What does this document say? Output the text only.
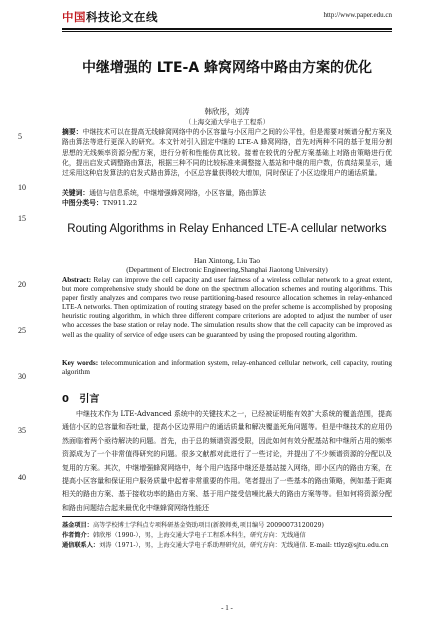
中国科技论文在线	http://www.paper.edu.cn
5
10
15
20
25
30
35
40
中继增强的 LTE-A 蜂窝网络中路由方案的优化
韩欣彤，刘涛
（上海交通大学电子工程系）
摘要：中继技术可以在提高无线蜂窝网络中的小区容量与小区用户之间的公平性，但是需要对频谱分配方案及路由算法等进行更深入的研究。本文针对引入固定中继的 LTE-A 蜂窝网络，首先对两种不同的基于复用分割思想的无线频率资源分配方案，进行分析和性能仿真比较。接着在较优的分配方案基础上对路由策略进行优化，提出启发式调整路由算法，根据三种不同的比较标准来调整接入基站和中继的用户数，仿真结果显示，通过采用这种启发算法的启发式路由算法，小区总容量获得较大增加，同时保证了小区边缘用户的通话质量。
关键词：通信与信息系统，中继增强蜂窝网络，小区容量，路由算法
中图分类号：TN911.22
Routing Algorithms in Relay Enhanced LTE-A cellular networks
Han Xintong, Liu Tao
(Department of Electronic Engineering,Shanghai Jiaotong University)
Abstract: Relay can improve the cell capacity and user fairness of a wireless cellular network to a great extent, but more comprehensive study should be done on the spectrum allocation schemes and routing algorithms. This paper firstly analyzes and compares two reuse partitioning-based resource allocation schemes in relay-enhanced LTE-A networks. Then optimization of routing strategy based on the prefer scheme is accomplished by proposing heuristic routing algorithm, in which three different compare criterions are adopted to adjust the number of user who accesses the base station or relay node. The simulation results show that the cell capacity can be improved as well as the quality of service of edge users can be guaranteed by using the proposed routing algorithm.
Key words: telecommunication and information system, relay-enhanced cellular network, cell capacity, routing algorithm
0 引言
中继技术作为 LTE-Advanced 系统中的关键技术之一，已经被证明能有效扩大系统的覆盖范围，提高通信小区的总容量和吞吐量，提高小区边界用户的通话质量和解决覆盖死角问题等。但是中继技术的应用仍然面临着两个亟待解决的问题。首先，由于总的频谱资源受限，因此如何有效分配基站和中继所占用的频率资源成为了一个非常值得研究的问题。很多文献都对此进行了一些讨论，并提出了不少频谱资源的分配以及复用的方案。其次，中继增强蜂窝网络中，每个用户选择中继还是基站接入网络，即小区内的路由方案，在提高小区容量和保证用户服务质量中起着非常重要的作用。笔者提出了一些基本的路由策略，例如基于距离相关的路由方案、基于接收功率的路由方案、基于用户接受信噪比最大的路由方案等等。但如何将资源分配和路由问题结合起来最优化中继蜂窝网络性能还
基金项目：高等学校博士学科点专项科研基金资助项目(新教师类,项目编号 20090073120029)
作者简介：韩欣彤（1990-），男，上海交通大学电子工程系本科生，研究方向：无线通信
通信联系人：刘涛（1971-），男，上海交通大学电子系助理研究员，研究方向：无线通信. E-mail: ttlyz@sjtu.edu.cn
- 1 -
